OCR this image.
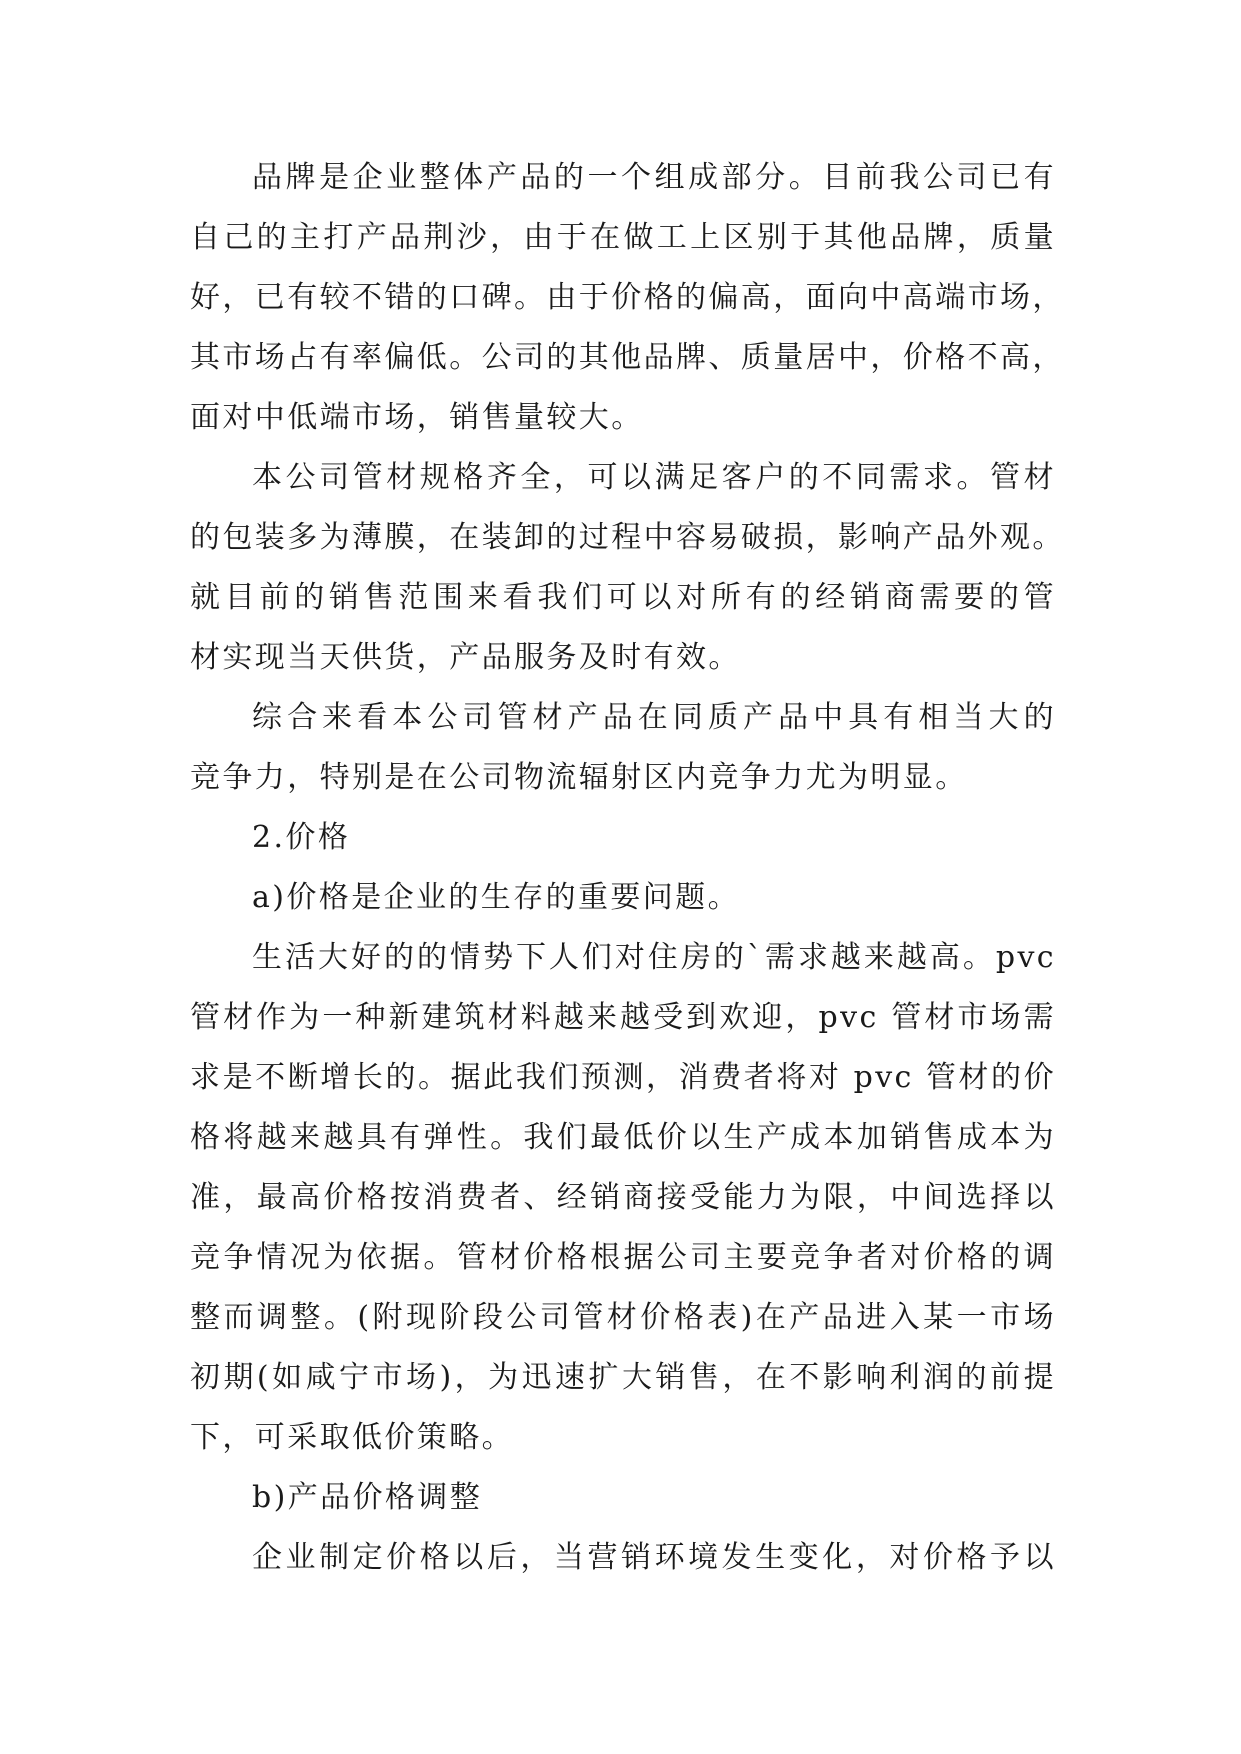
品牌是企业整体产品的一个组成部分。目前我公司已有
自己的主打产品荆沙，由于在做工上区别于其他品牌，质量
好，已有较不错的口碑。由于价格的偏高，面向中高端市场，
其市场占有率偏低。公司的其他品牌、质量居中，价格不高，
面对中低端市场，销售量较大。

本公司管材规格齐全，可以满足客户的不同需求。管材
的包装多为薄膜，在装卸的过程中容易破损，影响产品外观。
就目前的销售范围来看我们可以对所有的经销商需要的管
材实现当天供货，产品服务及时有效。

综合来看本公司管材产品在同质产品中具有相当大的
竞争力，特别是在公司物流辐射区内竞争力尤为明显。

2.价格

a)价格是企业的生存的重要问题。

生活大好的的情势下人们对住房的`需求越来越高。pvc
管材作为一种新建筑材料越来越受到欢迎，pvc 管材市场需
求是不断增长的。据此我们预测，消费者将对 pvc 管材的价
格将越来越具有弹性。我们最低价以生产成本加销售成本为
准，最高价格按消费者、经销商接受能力为限，中间选择以
竞争情况为依据。管材价格根据公司主要竞争者对价格的调
整而调整。(附现阶段公司管材价格表)在产品进入某一市场
初期(如咸宁市场)，为迅速扩大销售，在不影响利润的前提
下，可采取低价策略。

b)产品价格调整

企业制定价格以后，当营销环境发生变化，对价格予以
